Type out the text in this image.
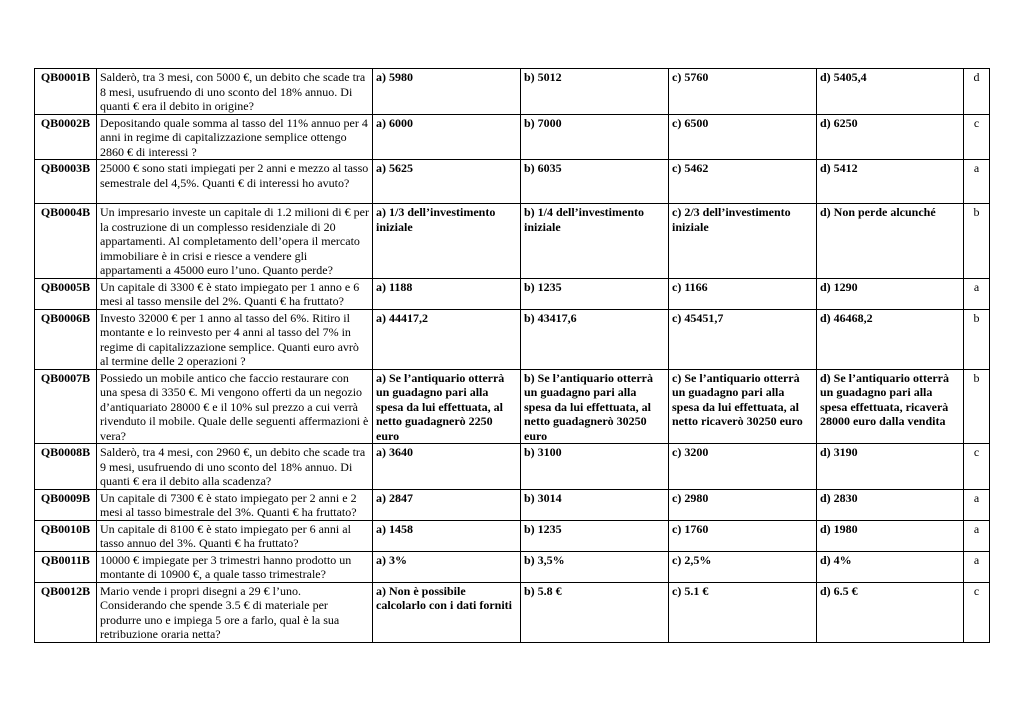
QB0001B	Salderò, tra 3 mesi, con 5000 €, un debito che scade tra 8 mesi, usufruendo di uno sconto del 18% annuo. Di quanti € era il debito in origine?	a) 5980	b) 5012	c) 5760	d) 5405,4	d
QB0002B	Depositando quale somma al tasso del 11% annuo per 4 anni in regime di capitalizzazione semplice ottengo 2860 € di interessi ?	a) 6000	b) 7000	c) 6500	d) 6250	c
QB0003B	25000 € sono stati impiegati per 2 anni e mezzo al tasso semestrale del 4,5%. Quanti € di interessi ho avuto?	a) 5625	b) 6035	c) 5462	d) 5412	a
QB0004B	Un impresario investe un capitale di 1.2 milioni di € per la costruzione di un complesso residenziale di 20 appartamenti. Al completamento dell’opera il mercato immobiliare è in crisi e riesce a vendere gli appartamenti a 45000 euro l’uno. Quanto perde?	a) 1/3 dell’investimento iniziale	b) 1/4 dell’investimento iniziale	c) 2/3 dell’investimento iniziale	d) Non perde alcunché	b
QB0005B	Un capitale di 3300 € è stato impiegato per 1 anno e 6 mesi al tasso mensile del 2%. Quanti € ha fruttato?	a) 1188	b) 1235	c) 1166	d) 1290	a
QB0006B	Investo 32000 € per 1 anno al tasso del 6%. Ritiro il montante e lo reinvesto per 4 anni al tasso del 7% in regime di capitalizzazione semplice. Quanti euro avrò al termine delle 2 operazioni ?	a) 44417,2	b) 43417,6	c) 45451,7	d) 46468,2	b
QB0007B	Possiedo un mobile antico che faccio restaurare con una spesa di 3350 €. Mi vengono offerti da un negozio d’antiquariato 28000 € e il 10% sul prezzo a cui verrà rivenduto il mobile. Quale delle seguenti affermazioni è vera?	a) Se l’antiquario otterrà un guadagno pari alla spesa da lui effettuata, al netto guadagnerò 2250 euro	b) Se l’antiquario otterrà un guadagno pari alla spesa da lui effettuata, al netto guadagnerò 30250 euro	c) Se l’antiquario otterrà un guadagno pari alla spesa da lui effettuata, al netto ricaverò 30250 euro	d) Se l’antiquario otterrà un guadagno pari alla spesa effettuata, ricaverà 28000 euro dalla vendita	b
QB0008B	Salderò, tra 4 mesi, con 2960 €, un debito che scade tra 9 mesi, usufruendo di uno sconto del 18% annuo. Di quanti € era il debito alla scadenza?	a) 3640	b) 3100	c) 3200	d) 3190	c
QB0009B	Un capitale di 7300 € è stato impiegato per 2 anni e 2 mesi al tasso bimestrale del 3%. Quanti € ha fruttato?	a) 2847	b) 3014	c) 2980	d) 2830	a
QB0010B	Un capitale di 8100 € è stato impiegato per 6 anni al tasso annuo del 3%. Quanti € ha fruttato?	a) 1458	b) 1235	c) 1760	d) 1980	a
QB0011B	10000 € impiegate per 3 trimestri hanno prodotto un montante di 10900 €, a quale tasso trimestrale?	a) 3%	b) 3,5%	c) 2,5%	d) 4%	a
QB0012B	Mario vende i propri disegni a 29 € l’uno. Considerando che spende 3.5 € di materiale per produrre uno e impiega 5 ore a farlo, qual è la sua retribuzione oraria netta?	a) Non è possibile calcolarlo con i dati forniti	b) 5.8 €	c) 5.1 €	d) 6.5 €	c
